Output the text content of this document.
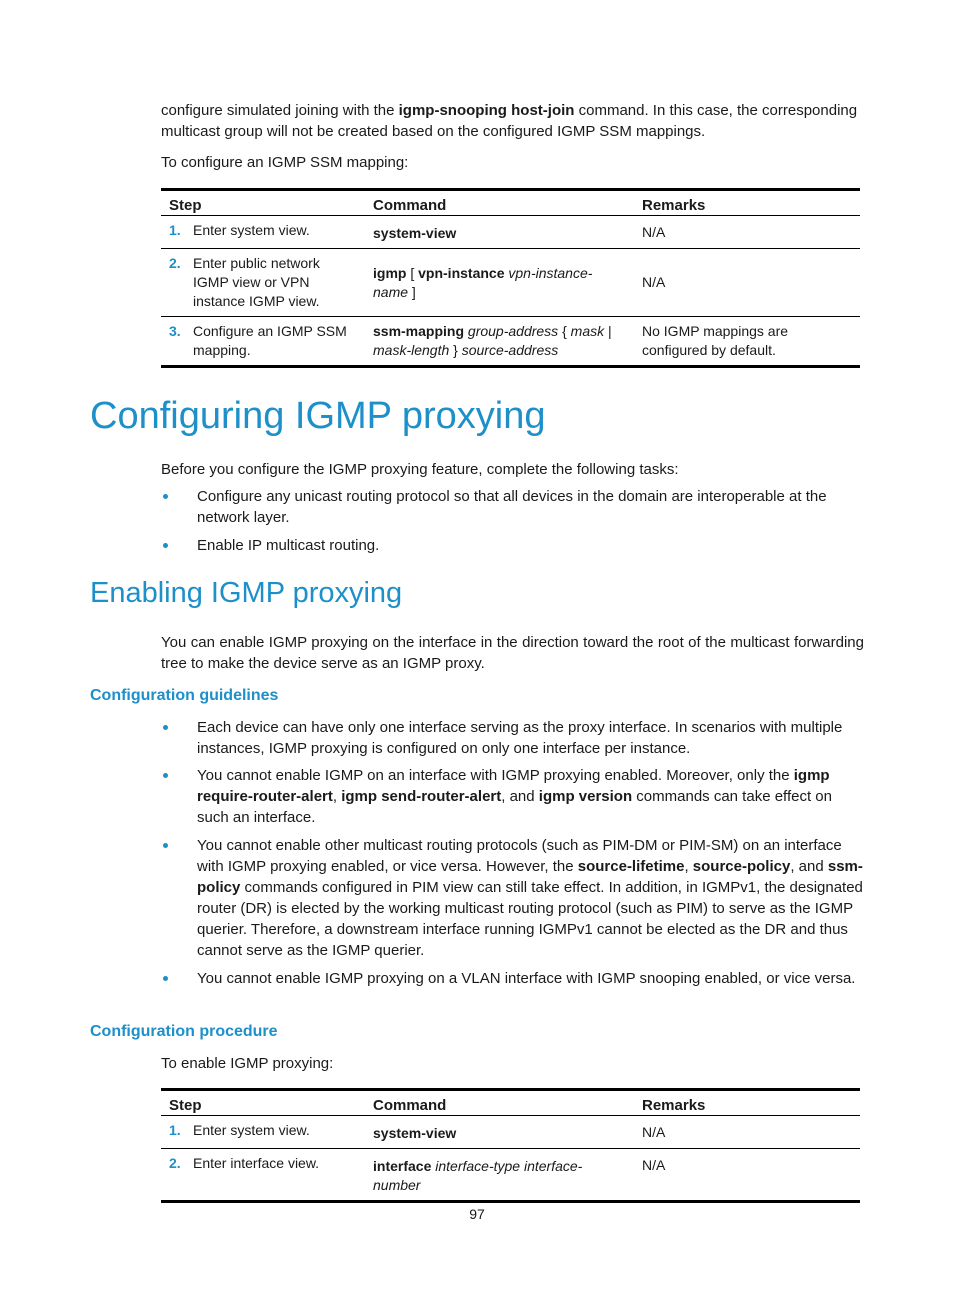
configure simulated joining with the igmp-snooping host-join command. In this case, the corresponding multicast group will not be created based on the configured IGMP SSM mappings.

To configure an IGMP SSM mapping:

Step	Command	Remarks
1. Enter system view.	system-view	N/A
2. Enter public network IGMP view or VPN instance IGMP view.	igmp [ vpn-instance vpn-instance-name ]	N/A
3. Configure an IGMP SSM mapping.	ssm-mapping group-address { mask | mask-length } source-address	No IGMP mappings are configured by default.
Configuring IGMP proxying

Before you configure the IGMP proxying feature, complete the following tasks:

Configure any unicast routing protocol so that all devices in the domain are interoperable at the network layer.
Enable IP multicast routing.
Enabling IGMP proxying

You can enable IGMP proxying on the interface in the direction toward the root of the multicast forwarding tree to make the device serve as an IGMP proxy.

Configuration guidelines
Each device can have only one interface serving as the proxy interface. In scenarios with multiple instances, IGMP proxying is configured on only one interface per instance.
You cannot enable IGMP on an interface with IGMP proxying enabled. Moreover, only the igmp require-router-alert, igmp send-router-alert, and igmp version commands can take effect on such an interface.
You cannot enable other multicast routing protocols (such as PIM-DM or PIM-SM) on an interface with IGMP proxying enabled, or vice versa. However, the source-lifetime, source-policy, and ssm-policy commands configured in PIM view can still take effect. In addition, in IGMPv1, the designated router (DR) is elected by the working multicast routing protocol (such as PIM) to serve as the IGMP querier. Therefore, a downstream interface running IGMPv1 cannot be elected as the DR and thus cannot serve as the IGMP querier.
You cannot enable IGMP proxying on a VLAN interface with IGMP snooping enabled, or vice versa.
Configuration procedure

To enable IGMP proxying:

Step	Command	Remarks
1. Enter system view.	system-view	N/A
2. Enter interface view.	interface interface-type interface-number	N/A
97
